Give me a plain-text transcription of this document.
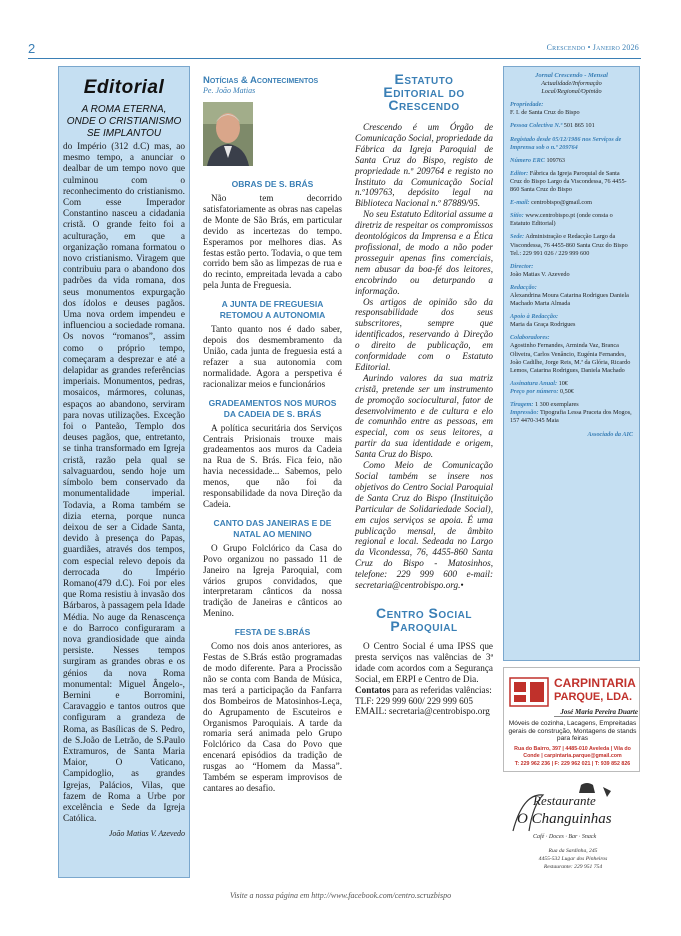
2	Crescendo • Janeiro 2026
Editorial
A ROMA ETERNA,
ONDE O CRISTIANISMO
SE IMPLANTOU
do Império (312 d.C) mas, ao mesmo tempo, a anunciar o dealbar de um tempo novo que culminou com o reconhecimento do cristianismo. Com esse Imperador Constantino nasceu a cidadania cristã. O grande feito foi a aculturação, em que a organização romana formatou o novo cristianismo. Viragem que contribuiu para o abandono dos padrões da vida romana, dos seus monumentos expurgação dos ídolos e deuses pagãos. Uma nova ordem impendeu e influenciou a sociedade romana. Os novos “romanos”, assim como o próprio tempo, começaram a desprezar e até a delapidar as grandes referências imperiais. Monumentos, pedras, mosaicos, mármores, colunas, espaços ao abandono, serviram para novas utilizações. Exceção foi o Panteão, Templo dos deuses pagãos, que, entretanto, se tinha transformado em Igreja cristã, razão pela qual se salvaguardou, sendo hoje um símbolo bem conservado da monumentalidade imperial. Todavia, a Roma também se dizia eterna, porque nunca deixou de ser a Cidade Santa, devido à presença do Papas, guardiães, através dos tempos, com especial relevo depois da derrocada do Império Romano(479 d.C). Foi por eles que Roma resistiu à invasão dos Bárbaros, à passagem pela Idade Média. No auge da Renascença e do Barroco configuraram a nova grandiosidade que ainda persiste. Nesses tempos surgiram as grandes obras e os génios da nova Roma monumental: Miguel Ângelo-, Bernini e Borromini, Caravaggio e tantos outros que configuram a grandeza de Roma, as Basílicas de S. Pedro, de S.João de Letrão, de S.Paulo Extramuros, de Santa Maria Maior, O Vaticano, Campidoglio, as grandes Igrejas, Palácios, Vilas, que fazem de Roma a Urbe por excelência e Sede da Igreja Católica.
João Matias V. Azevedo
Notícias & Acontecimentos
Pe. João Matias
OBRAS DE S. BRÁS
Não tem decorrido satisfatoriamente as obras nas capelas de Monte de São Brás, em particular devido as incertezas do tempo. Esperamos por melhores dias. As festas estão perto. Todavia, o que tem corrido bem são as limpezas de rua e do recinto, empreitada levada a cabo pela Junta de Freguesia.
A JUNTA DE FREGUESIA RETOMOU A AUTONOMIA
Tanto quanto nos é dado saber, depois dos desmembramento da União, cada junta de freguesia está a refazer a sua autonomia com normalidade. Agora a perspetiva é racionalizar meios e funcionários
GRADEAMENTOS NOS MUROS DA CADEIA DE S. BRÁS
A política securitária dos Serviços Centrais Prisionais trouxe mais gradeamentos aos muros da Cadeia na Rua de S. Brás. Fica feio, não havia necessidade... Sabemos, pelo menos, que não foi da responsabilidade da nova Direção da Cadeia.
CANTO DAS JANEIRAS E DE NATAL AO MENINO
O Grupo Folclórico da Casa do Povo organizou no passado 11 de Janeiro na Igreja Paroquial, com vários grupos convidados, que interpretaram cânticos da nossa tradição de Janeiras e cânticos ao Menino.
FESTA DE S.BRÁS
Como nos dois anos anteriores, as Festas de S.Brás estão programadas de modo diferente. Para a Procissão não se conta com Banda de Música, mas terá a participação da Fanfarra dos Bombeiros de Matosinhos-Leça, do Agrupamento de Escuteiros e Organismos Paroquiais. A tarde da romaria será animada pelo Grupo Folclórico da Casa do Povo que encenará episódios da tradição de rusgas ao “Homem da Massa”. Também se esperam improvisos de cantares ao desafio.
Estatuto
Editorial do
Crescendo
Crescendo é um Órgão de Comunicação Social, propriedade da Fábrica da Igreja Paroquial de Santa Cruz do Bispo, registo de propriedade n.º 209764 e registo no Instituto da Comunicação Social n.º109763, depósito legal na Biblioteca Nacional n.º 87889/95.
No seu Estatuto Editorial assume a diretriz de respeitar os compromissos deontológicos da Imprensa e a Ética profissional, de modo a não poder prosseguir apenas fins comerciais, nem abusar da boa-fé dos leitores, encobrindo ou deturpando a informação.
Os artigos de opinião são da responsabilidade dos seus subscritores, sempre que identificados, reservando à Direção o direito de publicação, em conformidade com o Estatuto Editorial.
Aurindo valores da sua matriz cristã, pretende ser um instrumento de promoção sociocultural, fator de desenvolvimento e de cultura e elo de comunhão entre as pessoas, em especial, com os seus leitores, a partir da sua identidade e origem, Santa Cruz do Bispo.
Como Meio de Comunicação Social também se insere nos objetivos do Centro Social Paroquial de Santa Cruz do Bispo (Instituição Particular de Solidariedade Social), em cujos serviços se apoia. É uma publicação mensal, de âmbito regional e local. Sedeada no Largo da Vicondessa, 76, 4455-860 Santa Cruz do Bispo - Matosinhos, telefone: 229 999 600 e-mail: secretaria@centrobispo.org.•
Centro Social
Paroquial
O Centro Social é uma IPSS que presta serviços nas valências de 3ª idade com acordos com a Segurança Social, em ERPI e Centro de Dia.
Contatos para as referidas valências:
TLF: 229 999 600/ 229 999 605
EMAIL: secretaria@centrobispo.org
Jornal Crescendo - Mensal
Actualidade/Informação
Local/Regional/Opinião
Propriedade:
F. I. de Santa Cruz do Bispo
Pessoa Colectiva N.º 501 865 101
Registado desde 05/12/1986 nos Serviços de Imprensa sob o n.º 209764
Número ERC 109763
Editor: Fábrica da Igreja Paroquial de Santa Cruz do Bispo Largo da Viscondessa, 76 4455-860 Santa Cruz do Bispo
E-mail: centrobispo@gmail.com
Sítio: www.centrobispo.pt (onde consta o Estatuto Editorial)
Sede: Administração e Redacção Largo da Viscondessa, 76 4455-860 Santa Cruz do Bispo Tel.: 229 991 026 / 229 999 600
Director:
João Matias V. Azevedo
Redacção:
Alexandrina Moura Catarina Rodrigues Daniela Machado Marta Almada
Apoio à Redacção:
Maria da Graça Rodrigues
Colaboradores:
Agostinho Fernandes, Arminda Vaz, Branca Oliveira, Carlos Venâncio, Eugénia Fernandes, João Cadilhe, Jorge Reis, M.ª da Glória, Ricardo Lemos, Catarina Rodrigues, Daniela Machado
Assinatura Anual: 10€
Preço por número: 0,50€
Tiragem: 1 300 exemplares
Impressão: Tipografia Lessa Praceta dos Mogos, 157 4470-345 Maia
Associado da AIC
CARPINTARIA
PARQUE, LDA.
José Maria Pereira Duarte
Móveis de cozinha, Lacagens, Empreitadas gerais de construção, Montagens de stands para feiras
Rua do Bairro, 397 | 4485-010 Aveleda | Vila do Conde | carpintaria.parque@gmail.com
T: 229 962 236 | F: 229 962 021 | T: 939 852 826
Restaurante
O Changuinhas
Café · Doces · Bar · Snack
Rua da Sardinha, 245
4455-532 Lugar dos Pinheiros
Restaurante: 229 951 754
Visite a nossa página em http://www.facebook.com/centro.scruzbispo
